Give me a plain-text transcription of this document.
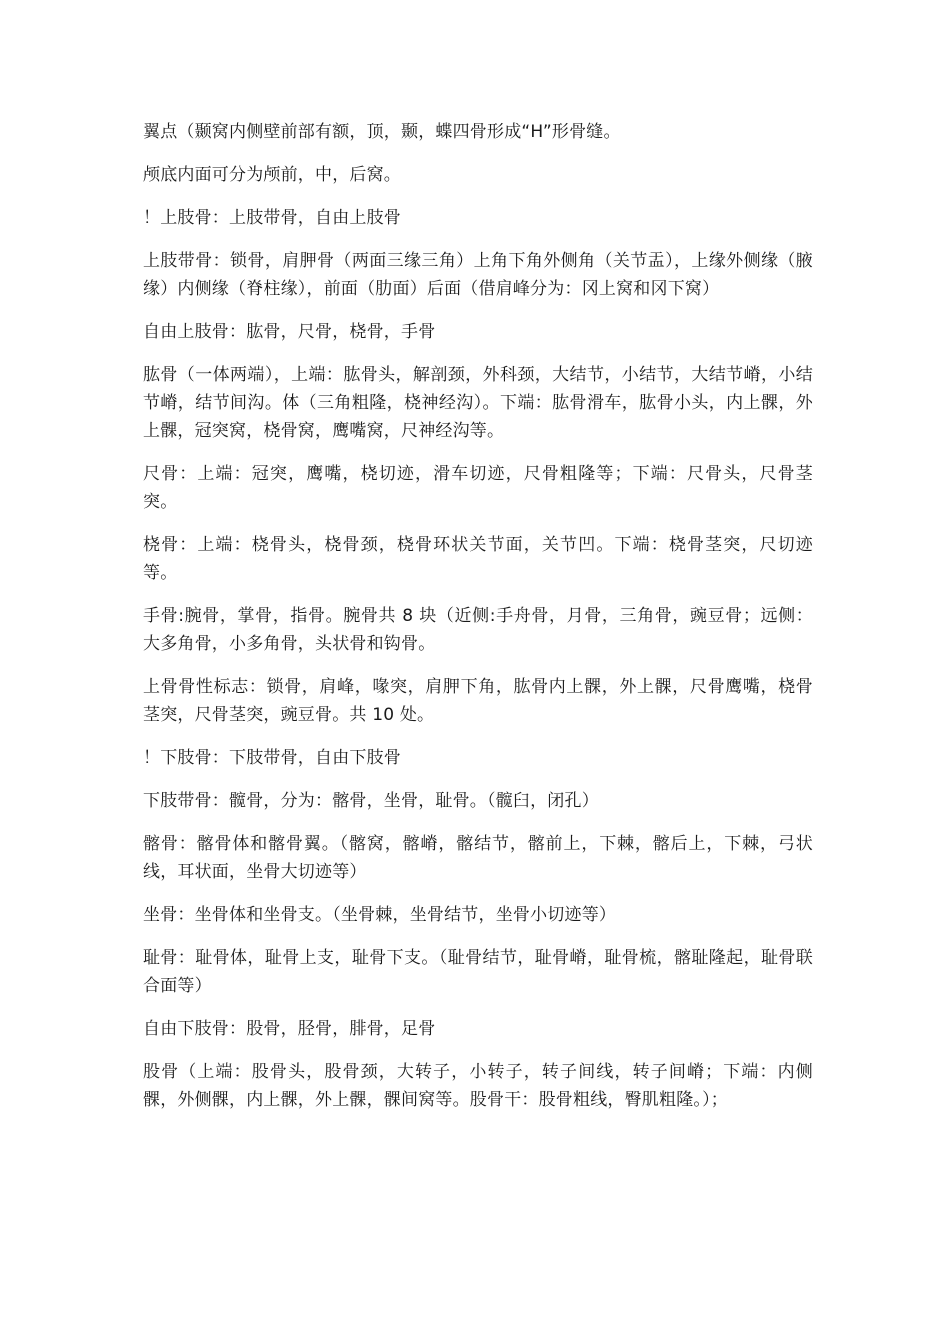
翼点（颞窝内侧壁前部有额，顶，颞，蝶四骨形成“H”形骨缝。

颅底内面可分为颅前，中，后窝。

！上肢骨：上肢带骨，自由上肢骨

上肢带骨：锁骨，肩胛骨（两面三缘三角）上角下角外侧角（关节盂），上缘外侧缘（腋缘）内侧缘（脊柱缘），前面（肋面）后面（借肩峰分为：冈上窝和冈下窝）

自由上肢骨：肱骨，尺骨，桡骨，手骨

肱骨（一体两端），上端：肱骨头，解剖颈，外科颈，大结节，小结节，大结节嵴，小结节嵴，结节间沟。体（三角粗隆，桡神经沟）。下端：肱骨滑车，肱骨小头，内上髁，外上髁，冠突窝，桡骨窝，鹰嘴窝，尺神经沟等。

尺骨：上端：冠突，鹰嘴，桡切迹，滑车切迹，尺骨粗隆等；下端：尺骨头，尺骨茎突。

桡骨：上端：桡骨头，桡骨颈，桡骨环状关节面，关节凹。下端：桡骨茎突，尺切迹等。

手骨:腕骨，掌骨，指骨。腕骨共 8 块（近侧:手舟骨，月骨，三角骨，豌豆骨；远侧：大多角骨，小多角骨，头状骨和钩骨。

上骨骨性标志：锁骨，肩峰，喙突，肩胛下角，肱骨内上髁，外上髁，尺骨鹰嘴，桡骨茎突，尺骨茎突，豌豆骨。共 10 处。

！下肢骨：下肢带骨，自由下肢骨

下肢带骨：髋骨，分为：髂骨，坐骨，耻骨。（髋臼，闭孔）

髂骨：髂骨体和髂骨翼。（髂窝，髂嵴，髂结节，髂前上，下棘，髂后上，下棘，弓状线，耳状面，坐骨大切迹等）

坐骨：坐骨体和坐骨支。（坐骨棘，坐骨结节，坐骨小切迹等）

耻骨：耻骨体，耻骨上支，耻骨下支。（耻骨结节，耻骨嵴，耻骨梳，髂耻隆起，耻骨联合面等）

自由下肢骨：股骨，胫骨，腓骨，足骨

股骨（上端：股骨头，股骨颈，大转子，小转子，转子间线，转子间嵴；下端：内侧髁，外侧髁，内上髁，外上髁，髁间窝等。股骨干：股骨粗线，臀肌粗隆。）；
